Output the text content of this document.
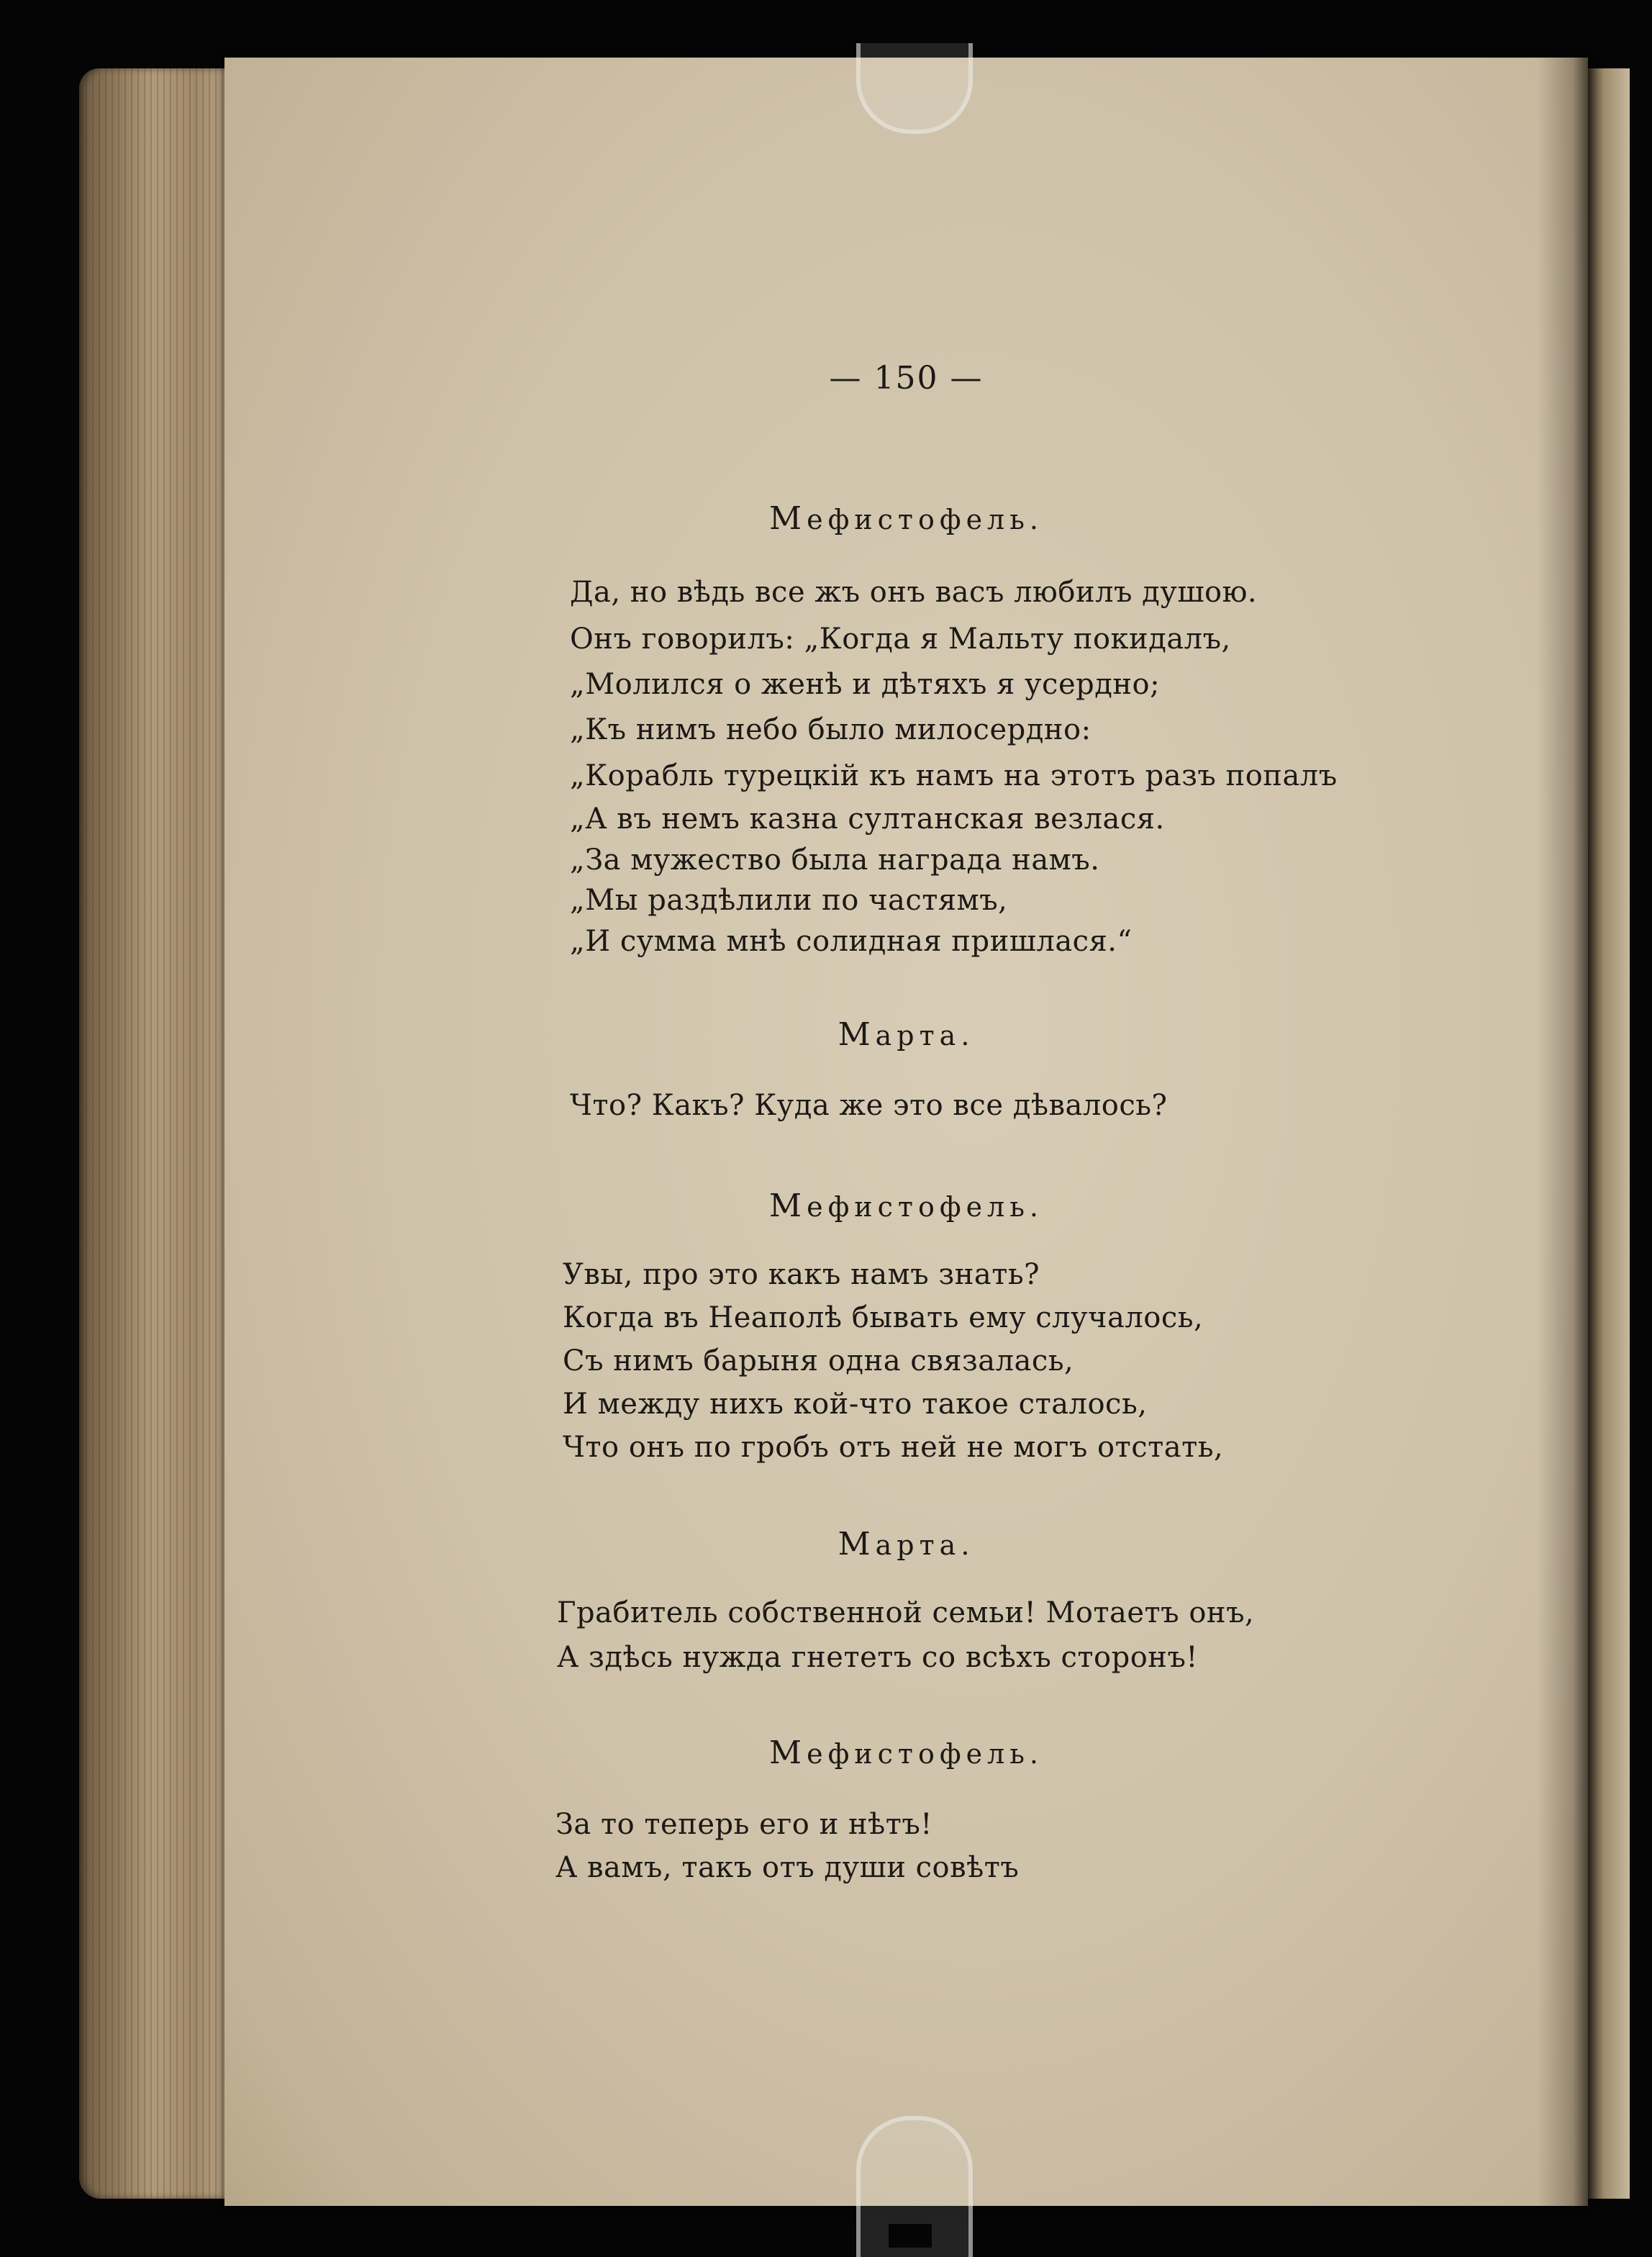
— 150 —
Мефистофель.
Да, но вѣдь все жъ онъ васъ любилъ душою.
Онъ говорилъ: „Когда я Мальту покидалъ,
„Молился о женѣ и дѣтяхъ я усердно;
„Къ нимъ небо было милосердно:
„Корабль турецкій къ намъ на этотъ разъ попалъ
„А въ немъ казна султанская везлася.
„За мужество была награда намъ.
„Мы раздѣлили по частямъ,
„И сумма мнѣ солидная пришлася.“
Марта.
Что? Какъ? Куда же это все дѣвалось?
Мефистофель.
Увы, про это какъ намъ знать?
Когда въ Неаполѣ бывать ему случалось,
Съ нимъ барыня одна связалась,
И между нихъ кой-что такое сталось,
Что онъ по гробъ отъ ней не могъ отстать,
Марта.
Грабитель собственной семьи! Мотаетъ онъ,
А здѣсь нужда гнететъ со всѣхъ сторонъ!
Мефистофель.
За то теперь его и нѣтъ!
А вамъ, такъ отъ души совѣтъ
